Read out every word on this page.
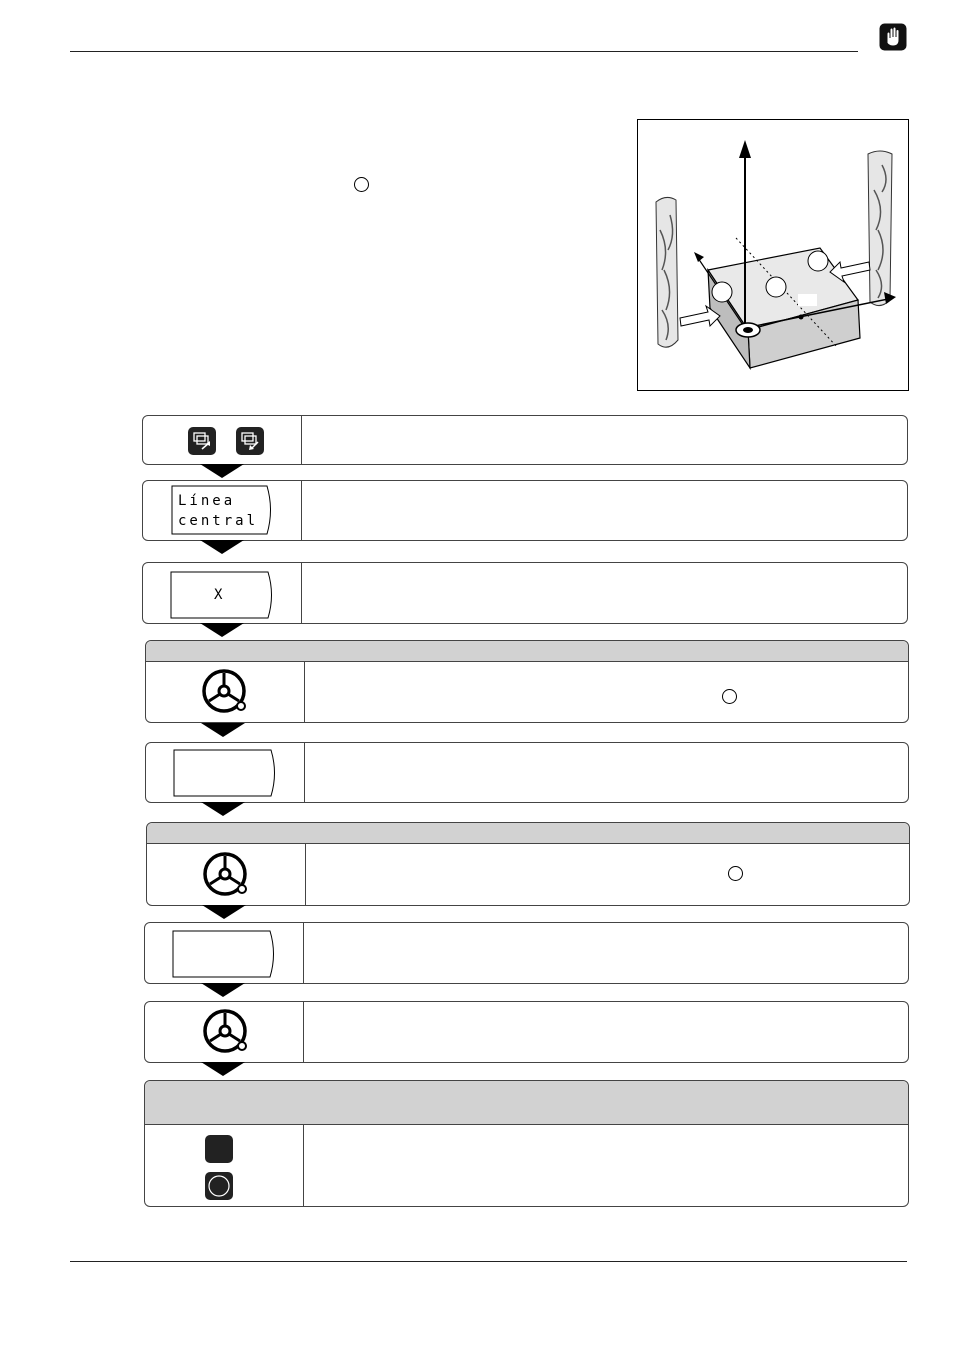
Línea
central
X
